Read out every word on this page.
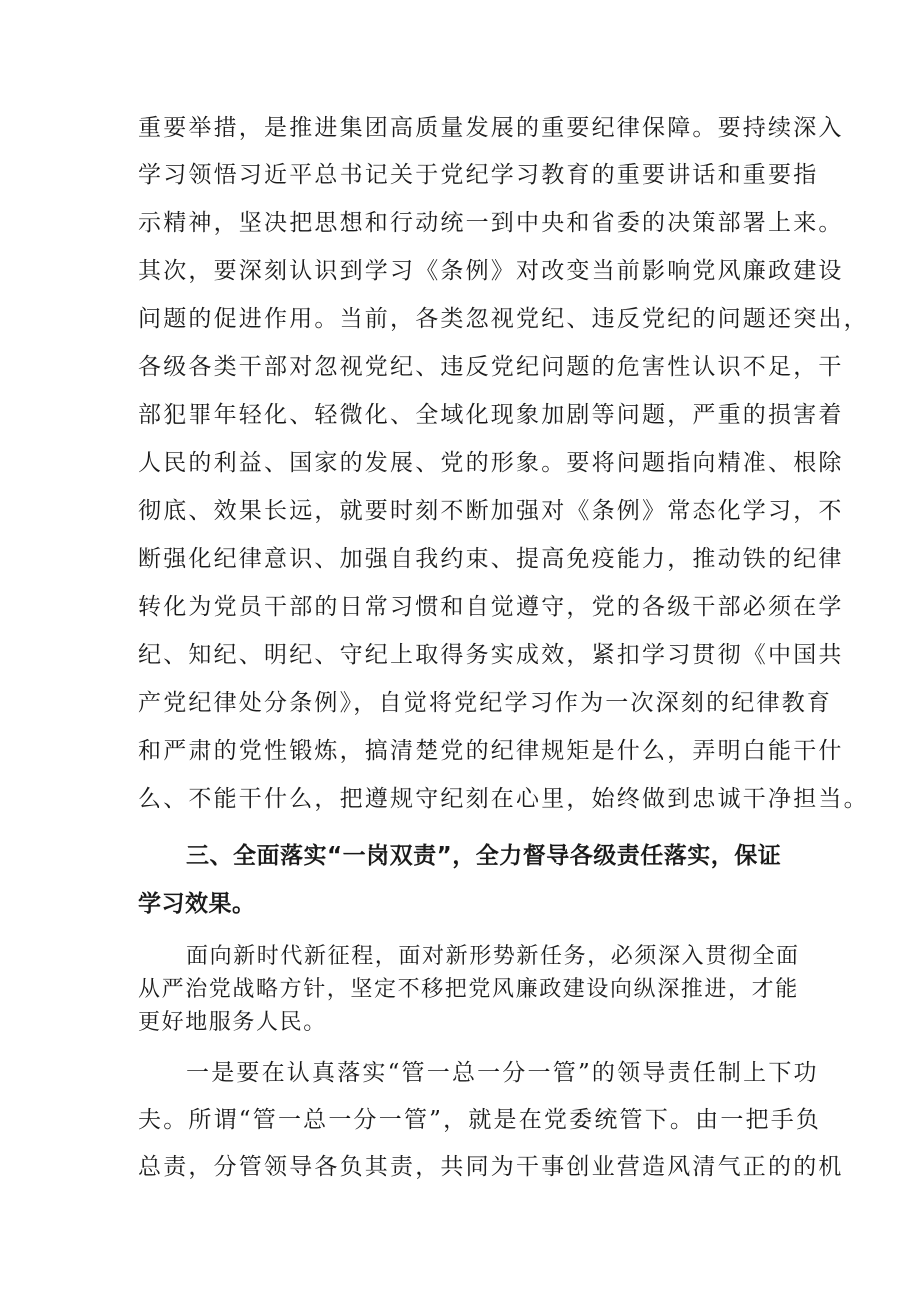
重要举措，是推进集团高质量发展的重要纪律保障。要持续深入
学习领悟习近平总书记关于党纪学习教育的重要讲话和重要指
示精神，坚决把思想和行动统一到中央和省委的决策部署上来。
其次，要深刻认识到学习《条例》对改变当前影响党风廉政建设
问题的促进作用。当前，各类忽视党纪、违反党纪的问题还突出，
各级各类干部对忽视党纪、违反党纪问题的危害性认识不足，干
部犯罪年轻化、轻微化、全域化现象加剧等问题，严重的损害着
人民的利益、国家的发展、党的形象。要将问题指向精准、根除
彻底、效果长远，就要时刻不断加强对《条例》常态化学习，不
断强化纪律意识、加强自我约束、提高免疫能力，推动铁的纪律
转化为党员干部的日常习惯和自觉遵守，党的各级干部必须在学
纪、知纪、明纪、守纪上取得务实成效，紧扣学习贯彻《中国共
产党纪律处分条例》，自觉将党纪学习作为一次深刻的纪律教育
和严肃的党性锻炼，搞清楚党的纪律规矩是什么，弄明白能干什
么、不能干什么，把遵规守纪刻在心里，始终做到忠诚干净担当。
三、全面落实“一岗双责”，全力督导各级责任落实，保证
学习效果。
面向新时代新征程，面对新形势新任务，必须深入贯彻全面
从严治党战略方针，坚定不移把党风廉政建设向纵深推进，才能
更好地服务人民。
一是要在认真落实“管一总一分一管”的领导责任制上下功
夫。所谓“管一总一分一管”，就是在党委统管下。由一把手负
总责，分管领导各负其责，共同为干事创业营造风清气正的的机
